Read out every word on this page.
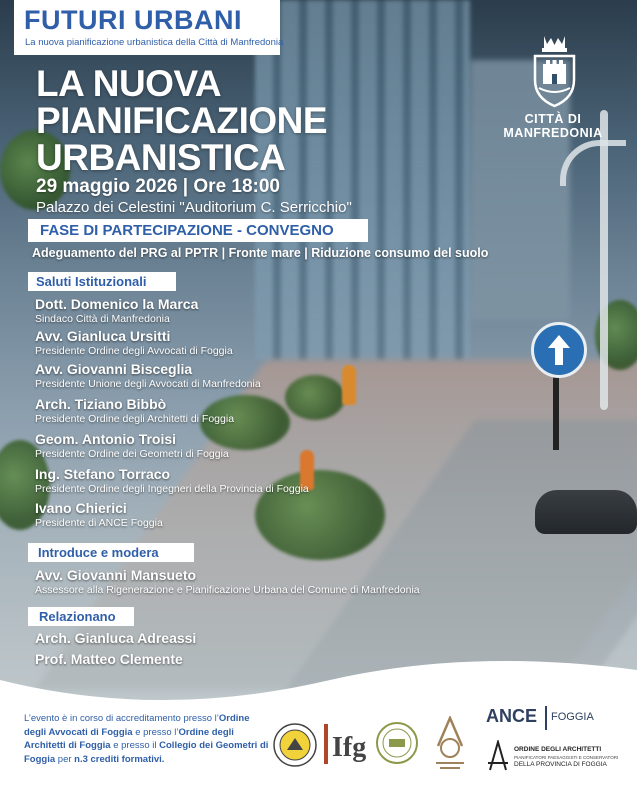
FUTURI URBANI
La nuova pianificazione urbanistica della Città di Manfredonia
LA NUOVA
PIANIFICAZIONE
URBANISTICA
CITTÀ DI
MANFREDONIA
29 maggio 2026 | Ore 18:00
Palazzo dei Celestini "Auditorium C. Serricchio"
FASE DI PARTECIPAZIONE - CONVEGNO
Adeguamento del PRG al PPTR | Fronte mare | Riduzione consumo del suolo
Saluti Istituzionali
Dott. Domenico la Marca
Sindaco Città di Manfredonia
Avv. Gianluca Ursitti
Presidente Ordine degli Avvocati di Foggia
Avv. Giovanni Bisceglia
Presidente Unione degli Avvocati di Manfredonia
Arch. Tiziano Bibbò
Presidente Ordine degli Architetti di Foggia
Geom. Antonio Troisi
Presidente Ordine dei Geometri di Foggia
Ing. Stefano Torraco
Presidente Ordine degli Ingegneri della Provincia di Foggia
Ivano Chierici
Presidente di ANCE Foggia
Introduce e modera
Avv. Giovanni Mansueto
Assessore alla Rigenerazione e Pianificazione Urbana del Comune di Manfredonia
Relazionano
Arch. Gianluca Adreassi
Prof. Matteo Clemente
L’evento è in corso di accreditamento presso l’Ordine degli Avvocati di Foggia e presso l’Ordine degli Architetti di Foggia e presso il Collegio dei Geometri di Foggia per n.3 crediti formativi.	Ifg
ANCE FOGGIA
ORDINE DEGLI ARCHITETTI
PIANIFICATORI PAESAGGISTI E CONSERVATORI
DELLA PROVINCIA DI FOGGIA
